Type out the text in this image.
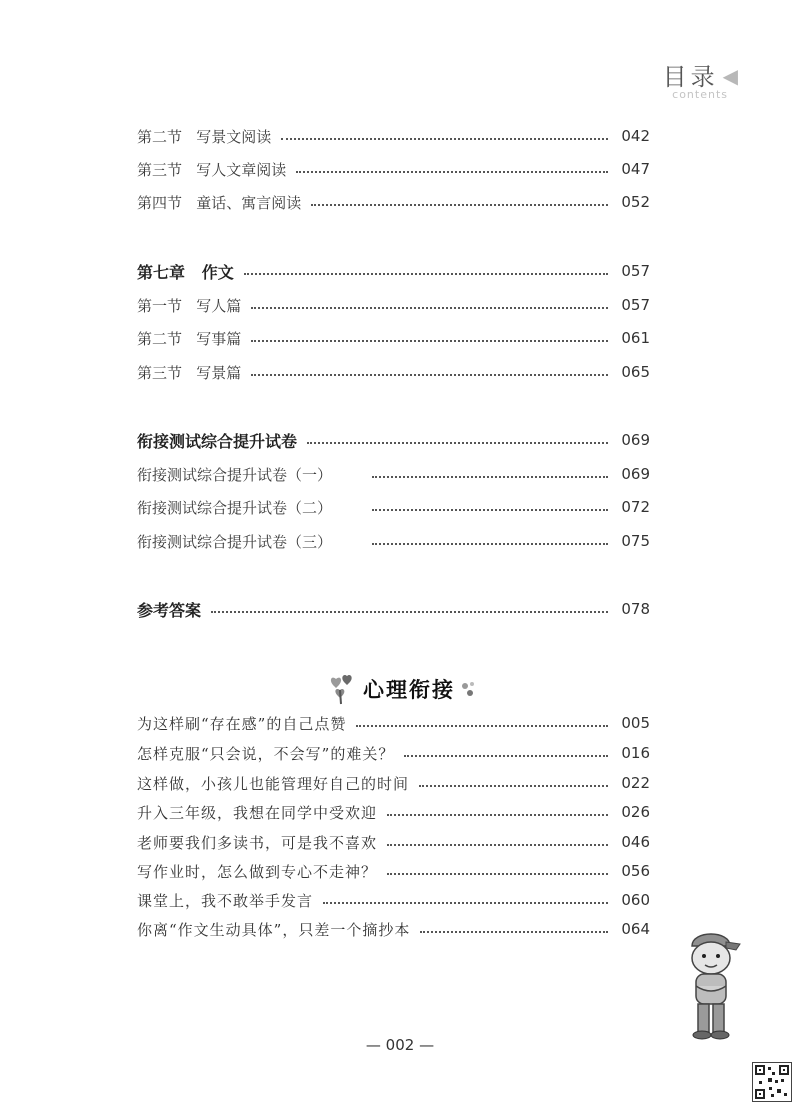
目录 ◀
contents
第二节   写景文阅读	042
第三节   写人文章阅读	047
第四节   童话、寓言阅读	052
第七章   作文	057
第一节   写人篇	057
第二节   写事篇	061
第三节   写景篇	065
衔接测试综合提升试卷	069
衔接测试综合提升试卷（一）	069
衔接测试综合提升试卷（二）	072
衔接测试综合提升试卷（三）	075
参考答案	078
心理衔接
为这样刷“存在感”的自己点赞	005
怎样克服“只会说，不会写”的难关？	016
这样做，小孩儿也能管理好自己的时间	022
升入三年级，我想在同学中受欢迎	026
老师要我们多读书，可是我不喜欢	046
写作业时，怎么做到专心不走神？	056
课堂上，我不敢举手发言	060
你离“作文生动具体”，只差一个摘抄本	064
— 002 —
